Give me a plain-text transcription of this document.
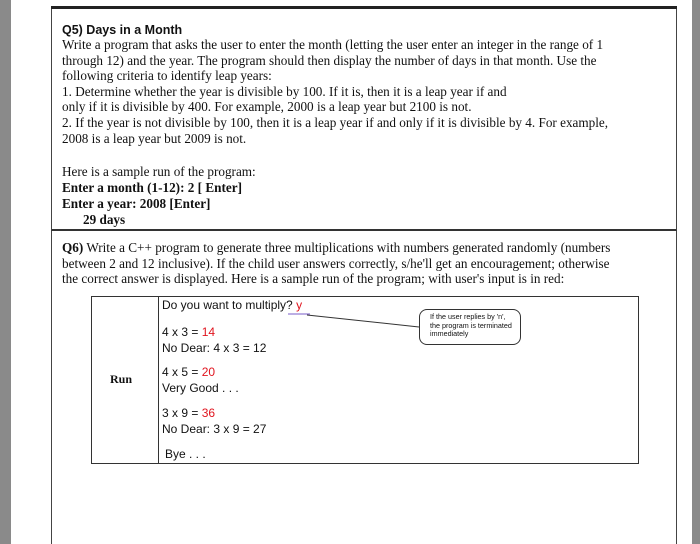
Q5) Days in a Month

Write a program that asks the user to enter the month (letting the user enter an integer in the range of 1

through 12) and the year. The program should then display the number of days in that month. Use the

following criteria to identify leap years:

1. Determine whether the year is divisible by 100. If it is, then it is a leap year if and

only if it is divisible by 400. For example, 2000 is a leap year but 2100 is not.

2. If the year is not divisible by 100, then it is a leap year if and only if it is divisible by 4. For example,

2008 is a leap year but 2009 is not.

Here is a sample run of the program:
Enter a month (1-12): 2 [ Enter]
Enter a year: 2008 [Enter]
29 days
Q6) Write a C++ program to generate three multiplications with numbers generated randomly (numbers
between 2 and 12 inclusive). If the child user answers correctly, s/he'll get an encouragement; otherwise
the correct answer is displayed. Here is a sample run of the program; with user's input is in red:
Run
Do you want to multiply? y
If the user replies by 'n',
the program is terminated
immediately
4 x 3 = 14
No Dear: 4 x 3 = 12
4 x 5 = 20
Very Good . . .
3 x 9 = 36
No Dear: 3 x 9 = 27
Bye . . .
